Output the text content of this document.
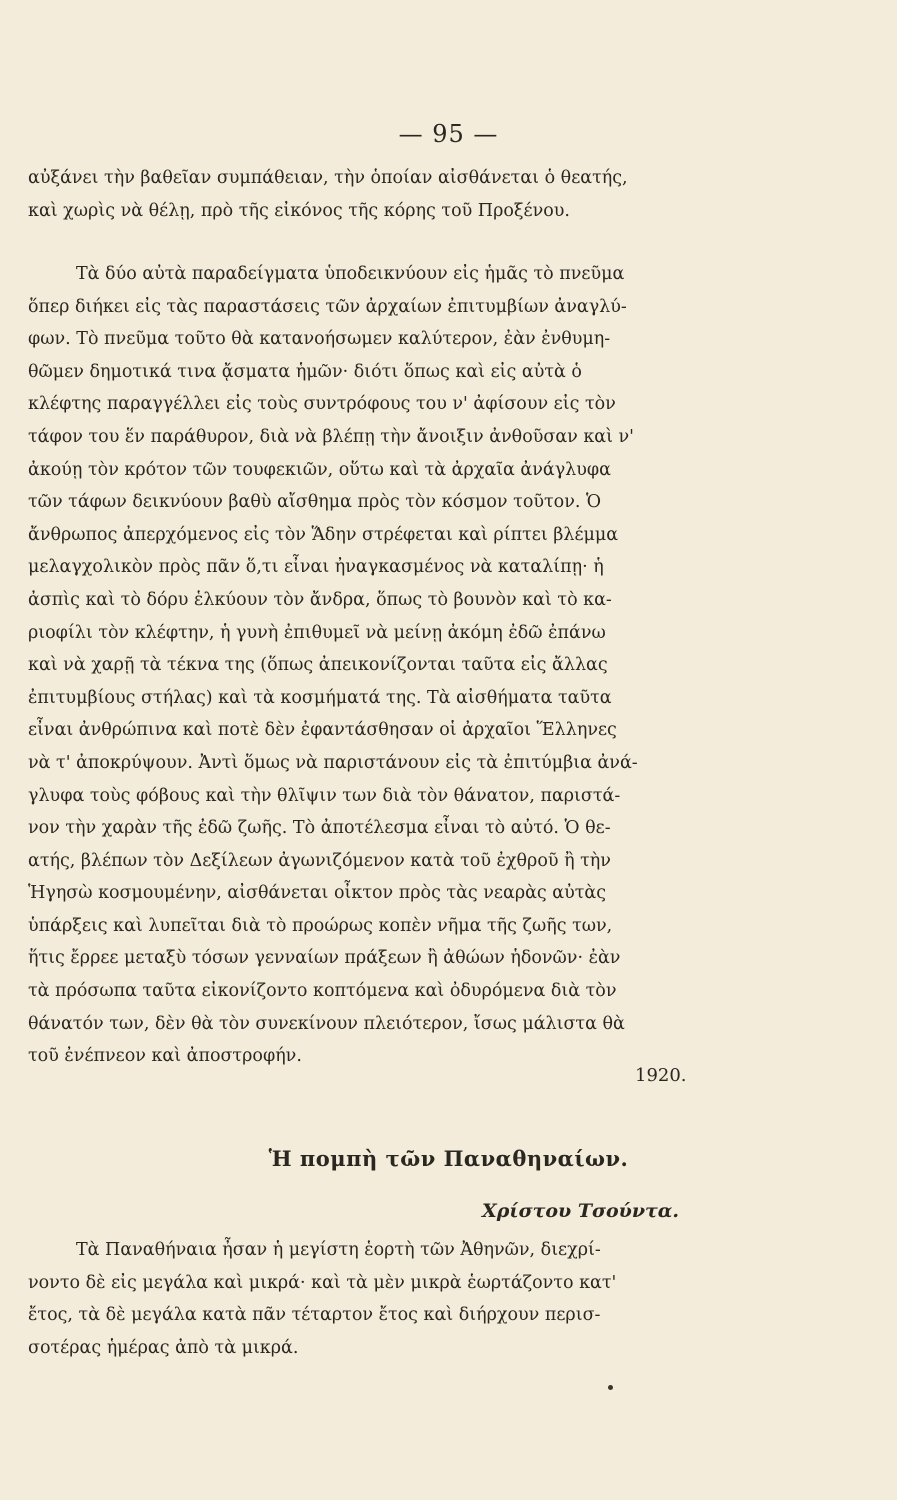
— 95 —
αὐξάνει τὴν βαθεῖαν συμπάθειαν, τὴν ὁποίαν αἰσθάνεται ὁ θεατής,
καὶ χωρὶς νὰ θέλῃ, πρὸ τῆς εἰκόνος τῆς κόρης τοῦ Προξένου.
Τὰ δύο αὐτὰ παραδείγματα ὑποδεικνύουν εἰς ἡμᾶς τὸ πνεῦμα
ὅπερ διήκει εἰς τὰς παραστάσεις τῶν ἀρχαίων ἐπιτυμβίων ἀναγλύ-
φων. Τὸ πνεῦμα τοῦτο θὰ κατανοήσωμεν καλύτερον, ἐὰν ἐνθυμη-
θῶμεν δημοτικά τινα ᾄσματα ἡμῶν· διότι ὅπως καὶ εἰς αὐτὰ ὁ
κλέφτης παραγγέλλει εἰς τοὺς συντρόφους του ν' ἀφίσουν εἰς τὸν
τάφον του ἕν παράθυρον, διὰ νὰ βλέπῃ τὴν ἄνοιξιν ἀνθοῦσαν καὶ ν'
ἀκούῃ τὸν κρότον τῶν τουφεκιῶν, οὕτω καὶ τὰ ἀρχαῖα ἀνάγλυφα
τῶν τάφων δεικνύουν βαθὺ αἴσθημα πρὸς τὸν κόσμον τοῦτον. Ὁ
ἄνθρωπος ἀπερχόμενος εἰς τὸν Ἅδην στρέφεται καὶ ρίπτει βλέμμα
μελαγχολικὸν πρὸς πᾶν ὅ,τι εἶναι ἠναγκασμένος νὰ καταλίπῃ· ἡ
ἀσπὶς καὶ τὸ δόρυ ἑλκύουν τὸν ἄνδρα, ὅπως τὸ βουνὸν καὶ τὸ κα-
ριοφίλι τὸν κλέφτην, ἡ γυνὴ ἐπιθυμεῖ νὰ μείνῃ ἀκόμη ἐδῶ ἐπάνω
καὶ νὰ χαρῇ τὰ τέκνα της (ὅπως ἀπεικονίζονται ταῦτα εἰς ἄλλας
ἐπιτυμβίους στήλας) καὶ τὰ κοσμήματά της. Τὰ αἰσθήματα ταῦτα
εἶναι ἀνθρώπινα καὶ ποτὲ δὲν ἐφαντάσθησαν οἱ ἀρχαῖοι Ἕλληνες
νὰ τ' ἀποκρύψουν. Ἀντὶ ὅμως νὰ παριστάνουν εἰς τὰ ἐπιτύμβια ἀνά-
γλυφα τοὺς φόβους καὶ τὴν θλῖψιν των διὰ τὸν θάνατον, παριστά-
νον τὴν χαρὰν τῆς ἐδῶ ζωῆς. Τὸ ἀποτέλεσμα εἶναι τὸ αὐτό. Ὁ θε-
ατής, βλέπων τὸν Δεξίλεων ἀγωνιζόμενον κατὰ τοῦ ἐχθροῦ ἢ τὴν
Ἡγησὼ κοσμουμένην, αἰσθάνεται οἶκτον πρὸς τὰς νεαρὰς αὐτὰς
ὑπάρξεις καὶ λυπεῖται διὰ τὸ προώρως κοπὲν νῆμα τῆς ζωῆς των,
ἥτις ἔρρεε μεταξὺ τόσων γενναίων πράξεων ἢ ἀθώων ἡδονῶν· ἐὰν
τὰ πρόσωπα ταῦτα εἰκονίζοντο κοπτόμενα καὶ ὀδυρόμενα διὰ τὸν
θάνατόν των, δὲν θὰ τὸν συνεκίνουν πλειότερον, ἴσως μάλιστα θὰ
τοῦ ἐνέπνεον καὶ ἀποστροφήν.
1920.
Ἡ πομπὴ τῶν Παναθηναίων.
Χρίστου Τσούντα.
Τὰ Παναθήναια ἦσαν ἡ μεγίστη ἑορτὴ τῶν Ἀθηνῶν, διεχρί-
νοντο δὲ εἰς μεγάλα καὶ μικρά· καὶ τὰ μὲν μικρὰ ἑωρτάζοντο κατ'
ἔτος, τὰ δὲ μεγάλα κατὰ πᾶν τέταρτον ἔτος καὶ διήρχουν περισ-
σοτέρας ἡμέρας ἀπὸ τὰ μικρά.
